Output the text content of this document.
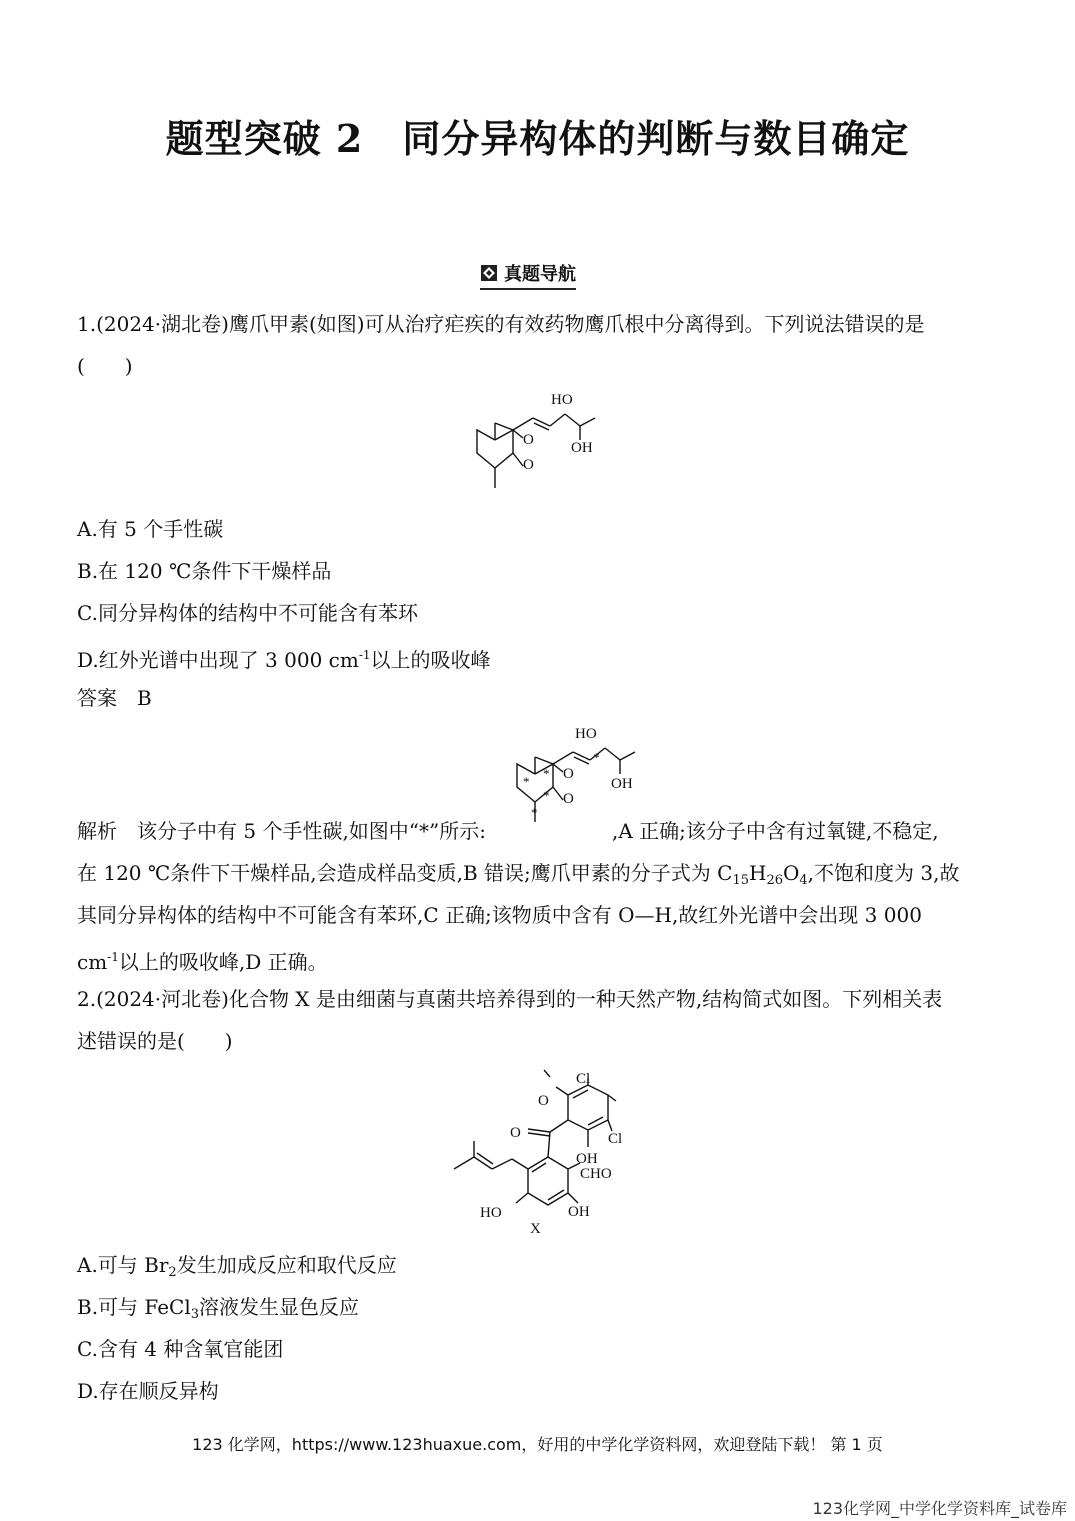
题型突破 2　同分异构体的判断与数目确定
真题导航
1.(2024·湖北卷)鹰爪甲素(如图)可从治疗疟疾的有效药物鹰爪根中分离得到。下列说法错误的是
(　　)
HO
OH
O
O
A.有 5 个手性碳
B.在 120 ℃条件下干燥样品
C.同分异构体的结构中不可能含有苯环
D.红外光谱中出现了 3 000 $cm^{-1}$以上的吸收峰
答案　B
HO
OH
O
O
*
*
*
*
*
解析　该分子中有 5 个手性碳,如图中“*”所示:	,A 正确;该分子中含有过氧键,不稳定,
在 120 ℃条件下干燥样品,会造成样品变质,B 错误;鹰爪甲素的分子式为 $C_{15}H_{26}O_4$,不饱和度为 3,故
其同分异构体的结构中不可能含有苯环,C 正确;该物质中含有 O—H,故红外光谱中会出现 3 000
$cm^{-1}$以上的吸收峰,D 正确。
2.(2024·河北卷)化合物 X 是由细菌与真菌共培养得到的一种天然产物,结构简式如图。下列相关表
述错误的是(　　)
Cl
Cl
O
O
OH
CHO
HO	OH
X
A.可与 $Br_2$发生加成反应和取代反应
B.可与 FeCl$_3$溶液发生显色反应
C.含有 4 种含氧官能团
D.存在顺反异构
123 化学网，https://www.123huaxue.com，好用的中学化学资料网，欢迎登陆下载！ 第 1 页
123化学网_中学化学资料库_试卷库
